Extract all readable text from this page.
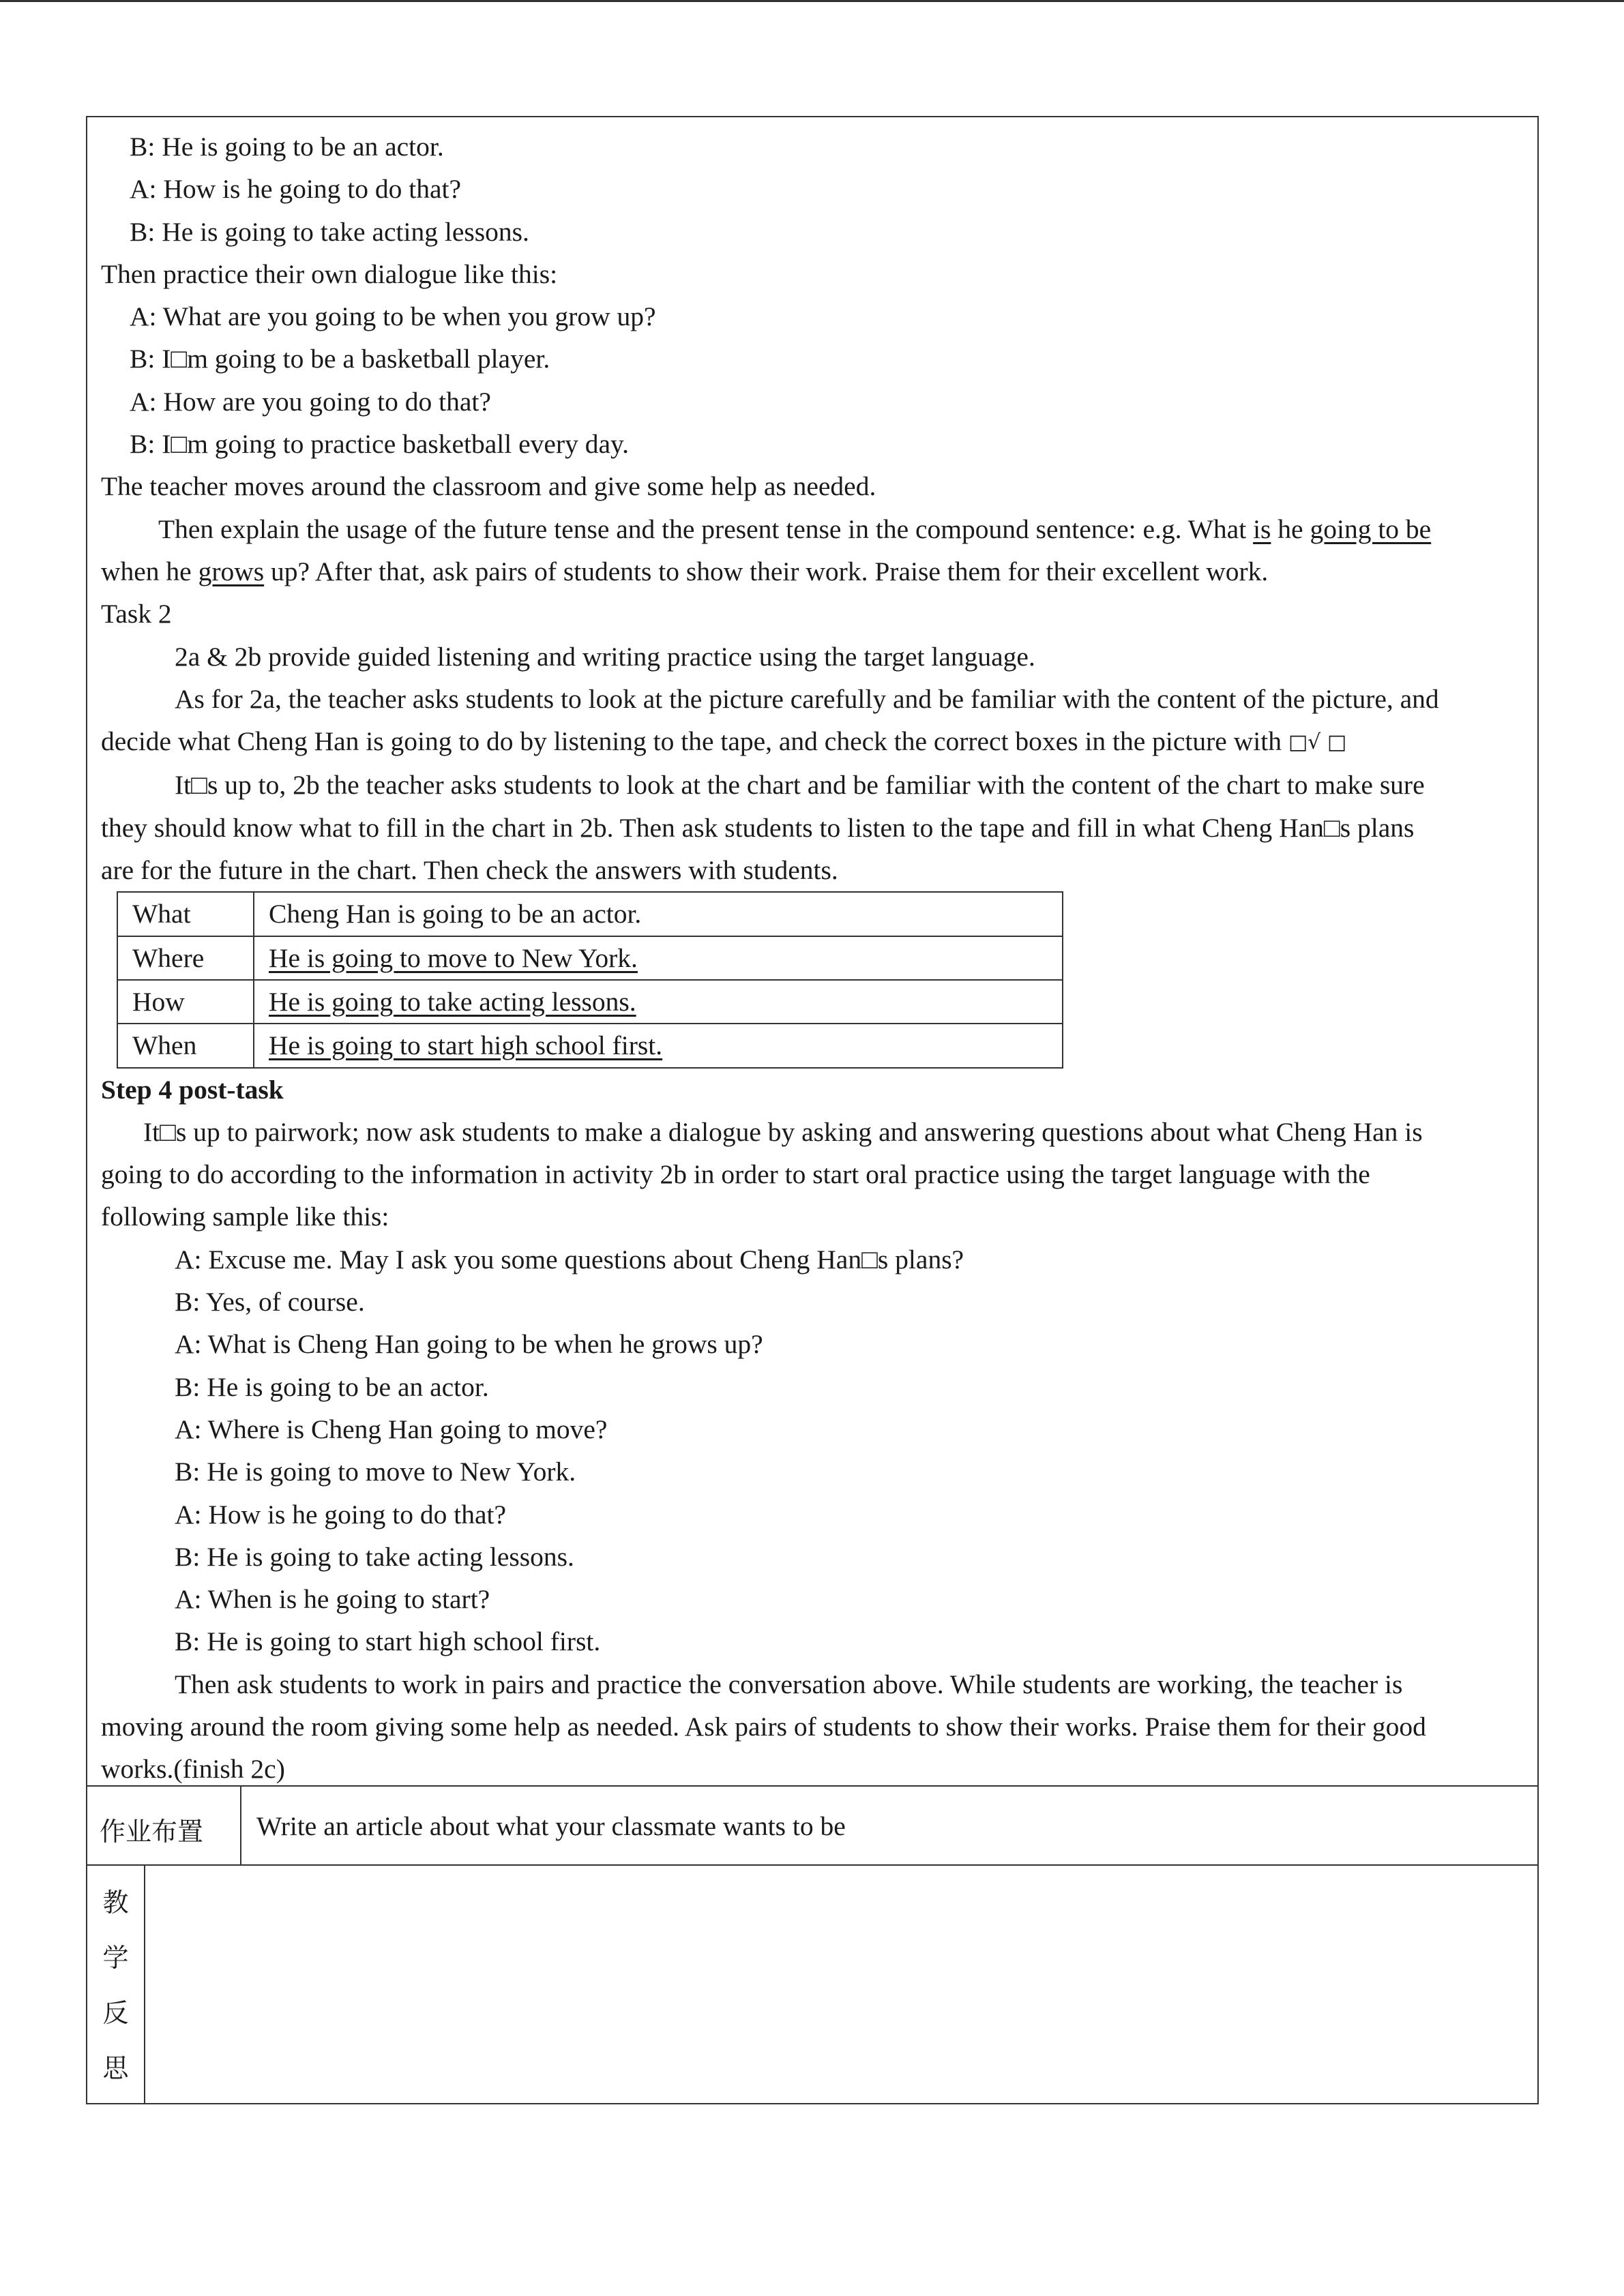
B: He is going to be an actor.
A: How is he going to do that?
B: He is going to take acting lessons.
Then practice their own dialogue like this:
A: What are you going to be when you grow up?
B: I□m going to be a basketball player.
A: How are you going to do that?
B: I□m going to practice basketball every day.
The teacher moves around the classroom and give some help as needed.
Then explain the usage of the future tense and the present tense in the compound sentence: e.g. What is he going to be
when he grows up? After that, ask pairs of students to show their work. Praise them for their excellent work.
Task 2
2a & 2b provide guided listening and writing practice using the target language.
As for 2a, the teacher asks students to look at the picture carefully and be familiar with the content of the picture, and
decide what Cheng Han is going to do by listening to the tape, and check the correct boxes in the picture with □√ □
It□s up to, 2b the teacher asks students to look at the chart and be familiar with the content of the chart to make sure
they should know what to fill in the chart in 2b. Then ask students to listen to the tape and fill in what Cheng Han□s plans
are for the future in the chart. Then check the answers with students.
What	Cheng Han is going to be an actor.
Where	He is going to move to New York.
How	He is going to take acting lessons.
When	He is going to start high school first.
Step 4 post-task
It□s up to pairwork; now ask students to make a dialogue by asking and answering questions about what Cheng Han is
going to do according to the information in activity 2b in order to start oral practice using the target language with the
following sample like this:
A: Excuse me. May I ask you some questions about Cheng Han□s plans?
B: Yes, of course.
A: What is Cheng Han going to be when he grows up?
B: He is going to be an actor.
A: Where is Cheng Han going to move?
B: He is going to move to New York.
A: How is he going to do that?
B: He is going to take acting lessons.
A: When is he going to start?
B: He is going to start high school first.
Then ask students to work in pairs and practice the conversation above. While students are working, the teacher is
moving around the room giving some help as needed. Ask pairs of students to show their works. Praise them for their good
works.(finish 2c)
作业布置	Write an article about what your classmate wants to be
教
学
反
思
